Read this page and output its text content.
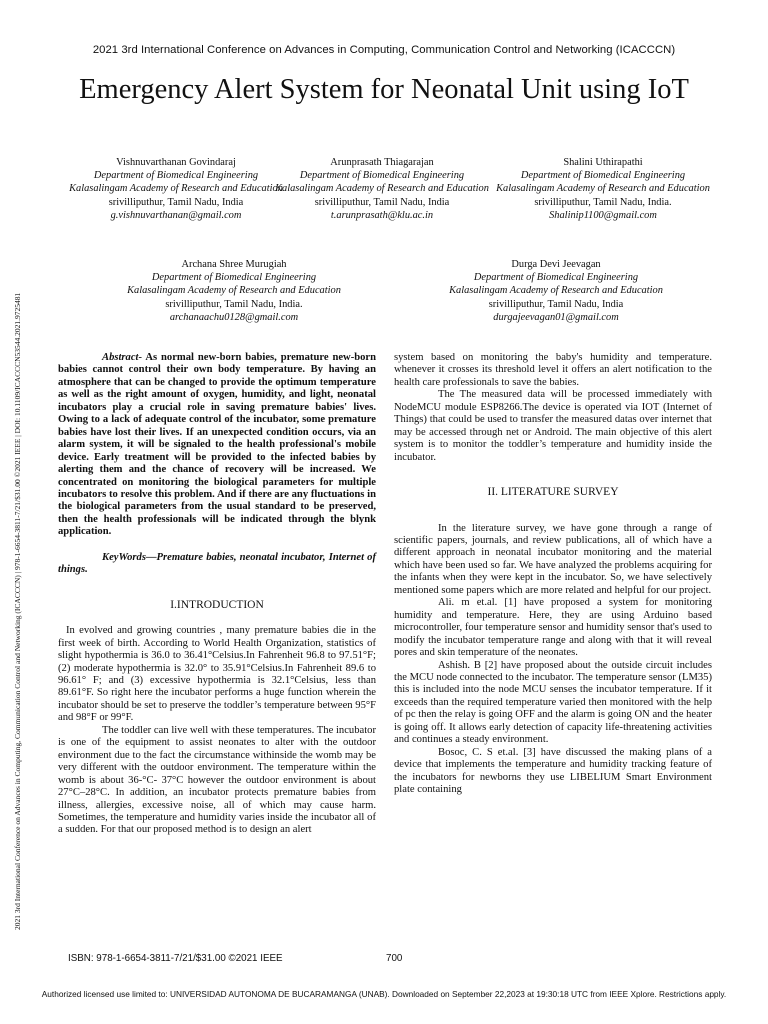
2021 3rd International Conference on Advances in Computing, Communication Control and Networking (ICACCCN)
Emergency Alert System for Neonatal Unit using IoT
2021 3rd International Conference on Advances in Computing, Communication Control and Networking (ICACCCN) | 978-1-6654-3811-7/21/$31.00 ©2021 IEEE | DOI: 10.1109/ICACCCN53544.2021.9725481
Vishnuvarthanan Govindaraj
Department of Biomedical Engineering
Kalasalingam Academy of Research and Education
srivilliputhur, Tamil Nadu, India
g.vishnuvarthanan@gmail.com
Arunprasath Thiagarajan
Department of Biomedical Engineering
Kalasalingam Academy of Research and Education
srivilliputhur, Tamil Nadu, India
t.arunprasath@klu.ac.in
Shalini Uthirapathi
Department of Biomedical Engineering
Kalasalingam Academy of Research and Education
srivilliputhur, Tamil Nadu, India.
Shalinip1100@gmail.com
Archana Shree Murugiah
Department of Biomedical Engineering
Kalasalingam Academy of Research and Education
srivilliputhur, Tamil Nadu, India.
archanaachu0128@gmail.com
Durga Devi Jeevagan
Department of Biomedical Engineering
Kalasalingam Academy of Research and Education
srivilliputhur, Tamil Nadu, India
durgajeevagan01@gmail.com

Abstract- As normal new-born babies, premature new-born babies cannot control their own body temperature. By having an atmosphere that can be changed to provide the optimum temperature as well as the right amount of oxygen, humidity, and light, neonatal incubators play a crucial role in saving premature babies' lives. Owing to a lack of adequate control of the incubator, some premature babies have lost their lives. If an unexpected condition occurs, via an alarm system, it will be signaled to the health professional's mobile device. Early treatment will be provided to the infected babies by alerting them and the chance of recovery will be increased. We concentrated on monitoring the biological parameters for multiple incubators to resolve this problem. And if there are any fluctuations in the biological parameters from the usual standard to be preserved, then the health professionals will be indicated through the blynk application.

KeyWords—Premature babies, neonatal incubator, Internet of things.

I.INTRODUCTION

In evolved and growing countries , many premature babies die in the first week of birth. According to World Health Organization, statistics of slight hypothermia is 36.0 to 36.41°Celsius.In Fahrenheit 96.8 to 97.51°F; (2) moderate hypothermia is 32.0° to 35.91°Celsius.In Fahrenheit 89.6 to 96.61° F; and (3) excessive hypothermia is 32.1°Celsius, less than 89.61°F. So right here the incubator performs a huge function wherein the incubator should be set to preserve the toddler’s temperature between 95°F and 98°F or 99°F.

The toddler can live well with these temperatures. The incubator is one of the equipment to assist neonates to alter with the outdoor environment due to the fact the circumstance withinside the womb may be very different with the outdoor environment. The temperature within the womb is about 36-°C- 37°C however the outdoor environment is about 27°C–28°C. In addition, an incubator protects premature babies from illness, allergies, excessive noise, all of which may cause harm. Sometimes, the temperature and humidity varies inside the incubator all of a sudden. For that our proposed method is to design an alert

system based on monitoring the baby's humidity and temperature. whenever it crosses its threshold level it offers an alert notification to the health care professionals to save the babies.

The The measured data will be processed immediately with NodeMCU module ESP8266.The device is operated via IOT (Internet of Things) that could be used to transfer the measured datas over internet that may be accessed through net or Android. The main objective of this alert system is to monitor the toddler’s temperature and humidity inside the incubator.

II. LITERATURE SURVEY

In the literature survey, we have gone through a range of scientific papers, journals, and review publications, all of which have a different approach in neonatal incubator monitoring and the material which have been used so far. We have analyzed the problems acquiring for the infants when they were kept in the incubator. So, we have selectively mentioned some papers which are more related and helpful for our project.

Ali. m et.al. [1] have proposed a system for monitoring humidity and temperature. Here, they are using Arduino based microcontroller, four temperature sensor and humidity sensor that's used to modify the incubator temperature range and along with that it will reveal pores and skin temperature of the neonates.

Ashish. B [2] have proposed about the outside circuit includes the MCU node connected to the incubator. The temperature sensor (LM35) this is included into the node MCU senses the incubator temperature. If it exceeds than the required temperature varied then monitored with the help of pc then the relay is going OFF and the alarm is going ON and the heater is going off. It allows early detection of capacity life-threatening activities and continues a steady environment.

Bosoc, C. S et.al. [3] have discussed the making plans of a device that implements the temperature and humidity tracking feature of the incubators for newborns they use LIBELIUM Smart Environment plate containing

ISBN: 978-1-6654-3811-7/21/$31.00 ©2021 IEEE	700
Authorized licensed use limited to: UNIVERSIDAD AUTONOMA DE BUCARAMANGA (UNAB). Downloaded on September 22,2023 at 19:30:18 UTC from IEEE Xplore. Restrictions apply.
